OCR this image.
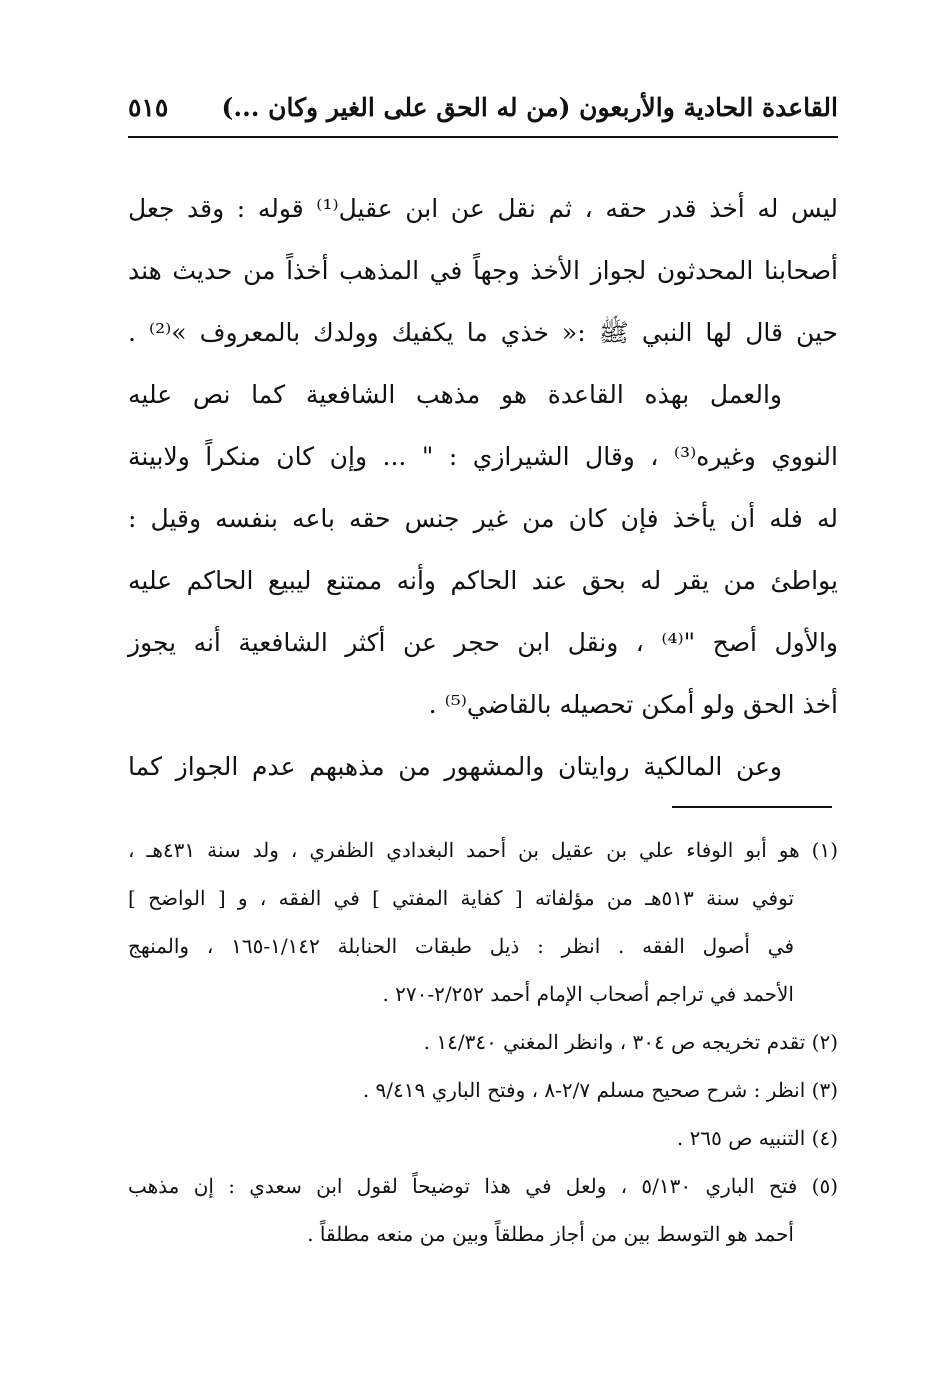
القاعدة الحادية والأربعون (من له الحق على الغير وكان ...)
٥١٥
ليس له أخذ قدر حقه ، ثم نقل عن ابن عقيل⁽¹⁾ قوله : وقد جعل
أصحابنا المحدثون لجواز الأخذ وجهاً في المذهب أخذاً من حديث هند
حين قال لها النبي ﷺ :« خذي ما يكفيك وولدك بالمعروف »⁽²⁾ .
والعمل بهذه القاعدة هو مذهب الشافعية كما نص عليه
النووي وغيره⁽³⁾ ، وقال الشيرازي : " ... وإن كان منكراً ولابينة
له فله أن يأخذ فإن كان من غير جنس حقه باعه بنفسه وقيل :
يواطئ من يقر له بحق عند الحاكم وأنه ممتنع ليبيع الحاكم عليه
والأول أصح "⁽⁴⁾ ، ونقل ابن حجر عن أكثر الشافعية أنه يجوز
أخذ الحق ولو أمكن تحصيله بالقاضي⁽⁵⁾ .
وعن المالكية روايتان والمشهور من مذهبهم عدم الجواز كما
(١) هو أبو الوفاء علي بن عقيل بن أحمد البغدادي الظفري ، ولد سنة ٤٣١هـ ،
توفي سنة ٥١٣هـ من مؤلفاته [ كفاية المفتي ] في الفقه ، و [ الواضح ]
في أصول الفقه . انظر : ذيل طبقات الحنابلة ١/١٤٢-١٦٥ ، والمنهج
الأحمد في تراجم أصحاب الإمام أحمد ٢/٢٥٢-٢٧٠ .
(٢) تقدم تخريجه ص ٣٠٤ ، وانظر المغني ١٤/٣٤٠ .
(٣) انظر : شرح صحيح مسلم ٢/٧-٨ ، وفتح الباري ٩/٤١٩ .
(٤) التنبيه ص ٢٦٥ .
(٥) فتح الباري ٥/١٣٠ ، ولعل في هذا توضيحاً لقول ابن سعدي : إن مذهب
أحمد هو التوسط بين من أجاز مطلقاً وبين من منعه مطلقاً .
